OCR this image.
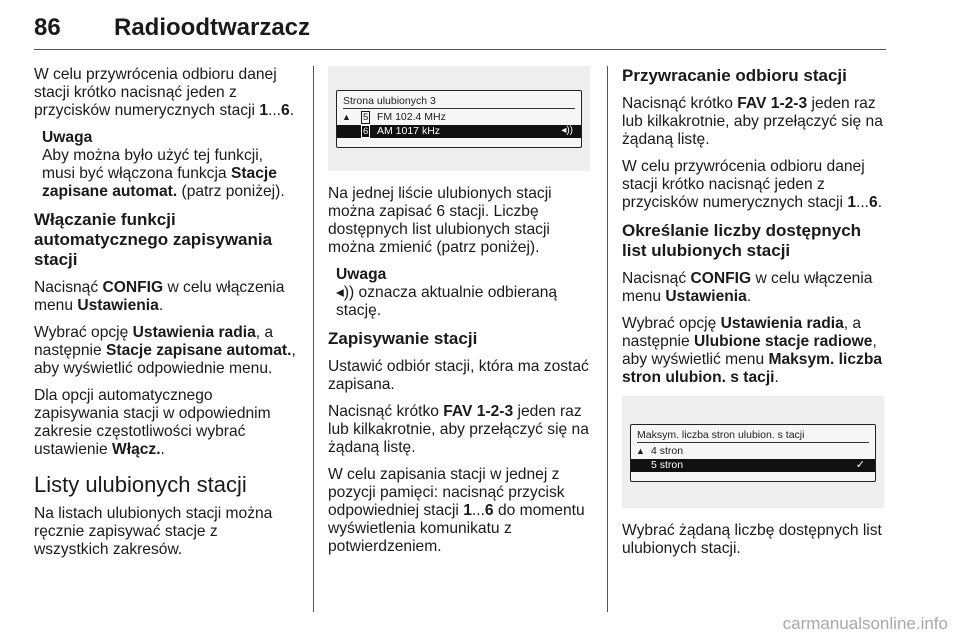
86 Radioodtwarzacz

W celu przywrócenia odbioru danej stacji krótko nacisnąć jeden z przycisków numerycznych stacji 1...6.

Uwaga
Aby można było użyć tej funkcji, musi być włączona funkcja Stacje zapisane automat. (patrz poniżej).
Włączanie funkcji automatycznego zapisywania stacji

Nacisnąć CONFIG w celu włączenia menu Ustawienia.

Wybrać opcję Ustawienia radia, a następnie Stacje zapisane automat., aby wyświetlić odpowiednie menu.

Dla opcji automatycznego zapisywania stacji w odpowiednim zakresie częstotliwości wybrać ustawienie Włącz..

Listy ulubionych stacji

Na listach ulubionych stacji można ręcznie zapisywać stacje z wszystkich zakresów.

Strona ulubionych 3
▲ 5 FM 102.4 MHz
6 AM 1017 kHz	◂))

Na jednej liście ulubionych stacji można zapisać 6 stacji. Liczbę dostępnych list ulubionych stacji można zmienić (patrz poniżej).

Uwaga
◂)) oznacza aktualnie odbieraną stację.
Zapisywanie stacji

Ustawić odbiór stacji, która ma zostać zapisana.

Nacisnąć krótko FAV 1-2-3 jeden raz lub kilkakrotnie, aby przełączyć się na żądaną listę.

W celu zapisania stacji w jednej z pozycji pamięci: nacisnąć przycisk odpowiedniej stacji 1...6 do momentu wyświetlenia komunikatu z potwierdzeniem.

Przywracanie odbioru stacji

Nacisnąć krótko FAV 1-2-3 jeden raz lub kilkakrotnie, aby przełączyć się na żądaną listę.

W celu przywrócenia odbioru danej stacji krótko nacisnąć jeden z przycisków numerycznych stacji 1...6.

Określanie liczby dostępnych list ulubionych stacji

Nacisnąć CONFIG w celu włączenia menu Ustawienia.

Wybrać opcję Ustawienia radia, a następnie Ulubione stacje radiowe, aby wyświetlić menu Maksym. liczba stron ulubion. s tacji.

Maksym. liczba stron ulubion. s tacji
▲ 4 stron
▼ 5 stron	✓

Wybrać żądaną liczbę dostępnych list ulubionych stacji.

carmanualsonline.info
